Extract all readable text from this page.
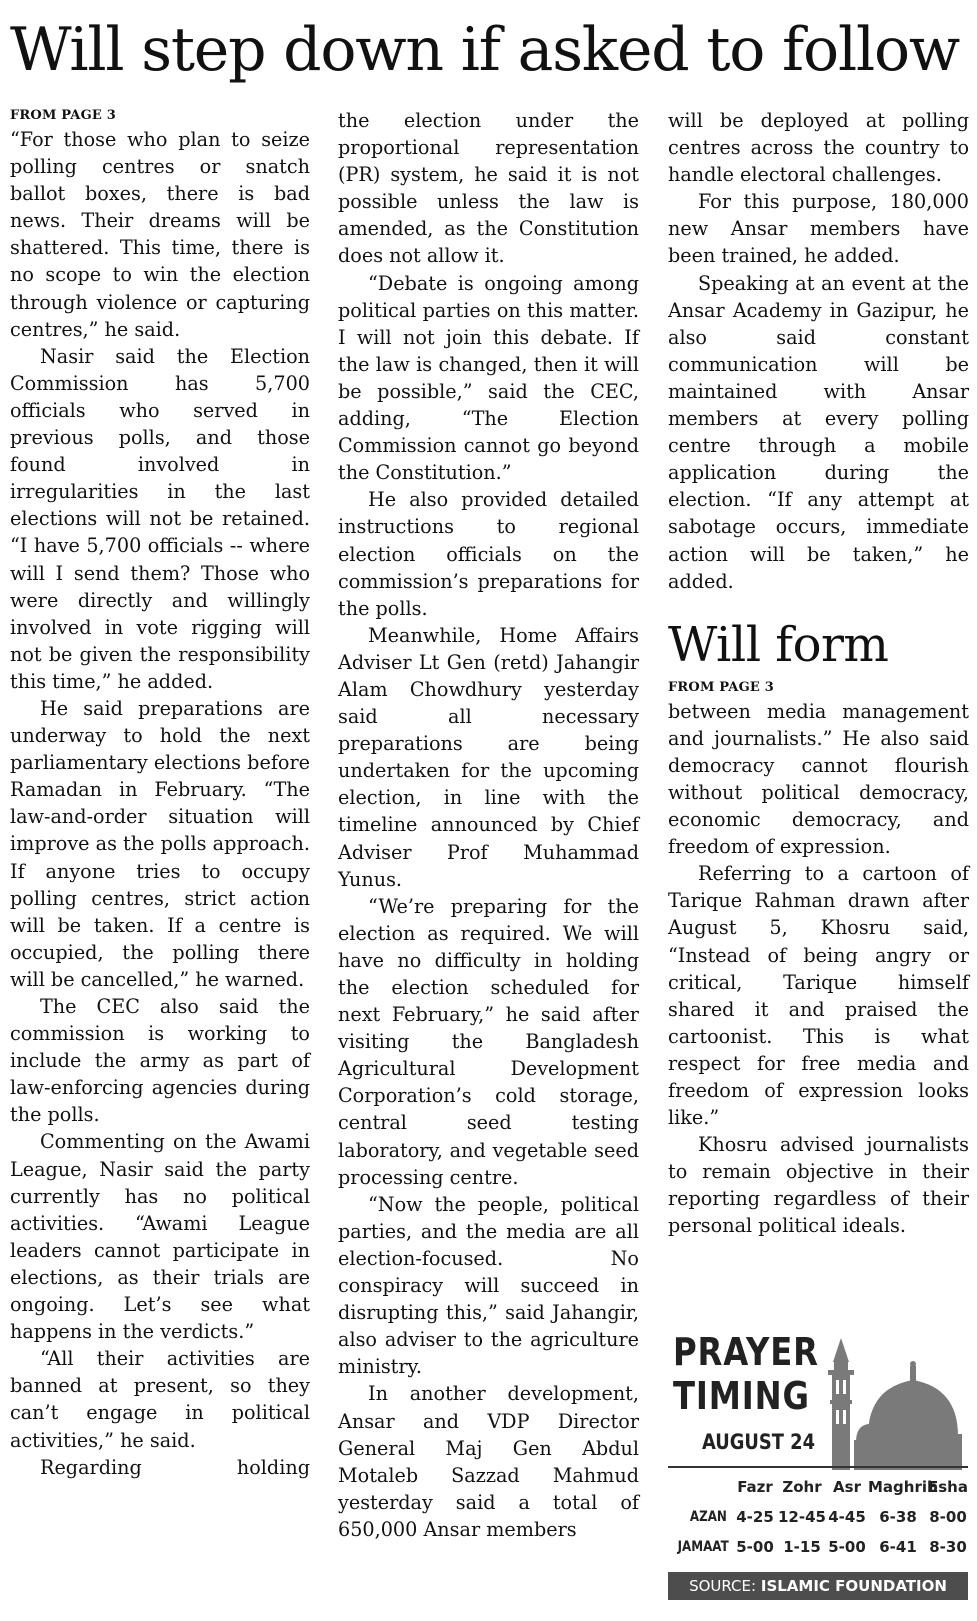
Will step down if asked to follow
FROM PAGE 3

“For those who plan to seize polling centres or snatch ballot boxes, there is bad news. Their dreams will be shattered. This time, there is no scope to win the election through violence or capturing centres,” he said.

Nasir said the Election Commission has 5,700 officials who served in previous polls, and those found involved in irregularities in the last elections will not be retained. “I have 5,700 officials -- where will I send them? Those who were directly and willingly involved in vote rigging will not be given the responsibility this time,” he added.

He said preparations are underway to hold the next parliamentary elections before Ramadan in February. “The law-and-order situation will improve as the polls approach. If anyone tries to occupy polling centres, strict action will be taken. If a centre is occupied, the polling there will be cancelled,” he warned.

The CEC also said the commission is working to include the army as part of law-enforcing agencies during the polls.

Commenting on the Awami League, Nasir said the party currently has no political activities. “Awami League leaders cannot participate in elections, as their trials are ongoing. Let’s see what happens in the verdicts.”

“All their activities are banned at present, so they can’t engage in political activities,” he said.

Regarding holding

the election under the proportional representation (PR) system, he said it is not possible unless the law is amended, as the Constitution does not allow it.

“Debate is ongoing among political parties on this matter. I will not join this debate. If the law is changed, then it will be possible,” said the CEC, adding, “The Election Commission cannot go beyond the Constitution.”

He also provided detailed instructions to regional election officials on the commission’s preparations for the polls.

Meanwhile, Home Affairs Adviser Lt Gen (retd) Jahangir Alam Chowdhury yesterday said all necessary preparations are being undertaken for the upcoming election, in line with the timeline announced by Chief Adviser Prof Muhammad Yunus.

“We’re preparing for the election as required. We will have no difficulty in holding the election scheduled for next February,” he said after visiting the Bangladesh Agricultural Development Corporation’s cold storage, central seed testing laboratory, and vegetable seed processing centre.

“Now the people, political parties, and the media are all election-focused. No conspiracy will succeed in disrupting this,” said Jahangir, also adviser to the agriculture ministry.

In another development, Ansar and VDP Director General Maj Gen Abdul Motaleb Sazzad Mahmud yesterday said a total of 650,000 Ansar members

will be deployed at polling centres across the country to handle electoral challenges.

For this purpose, 180,000 new Ansar members have been trained, he added.

Speaking at an event at the Ansar Academy in Gazipur, he also said constant communication will be maintained with Ansar members at every polling centre through a mobile application during the election. “If any attempt at sabotage occurs, immediate action will be taken,” he added.

Will form
FROM PAGE 3

between media management and journalists.” He also said democracy cannot flourish without political democracy, economic democracy, and freedom of expression.

Referring to a cartoon of Tarique Rahman drawn after August 5, Khosru said, “Instead of being angry or critical, Tarique himself shared it and praised the cartoonist. This is what respect for free media and freedom of expression looks like.”

Khosru advised journalists to remain objective in their reporting regardless of their personal political ideals.

PRAYER
TIMING
AUGUST 24
Fazr Zohr Asr Maghrib
Esha
AZAN 4-25 12-45 4-45 6-38 8-00
JAMAAT 5-00 1-15 5-00 6-41 8-30
SOURCE: ISLAMIC FOUNDATION
